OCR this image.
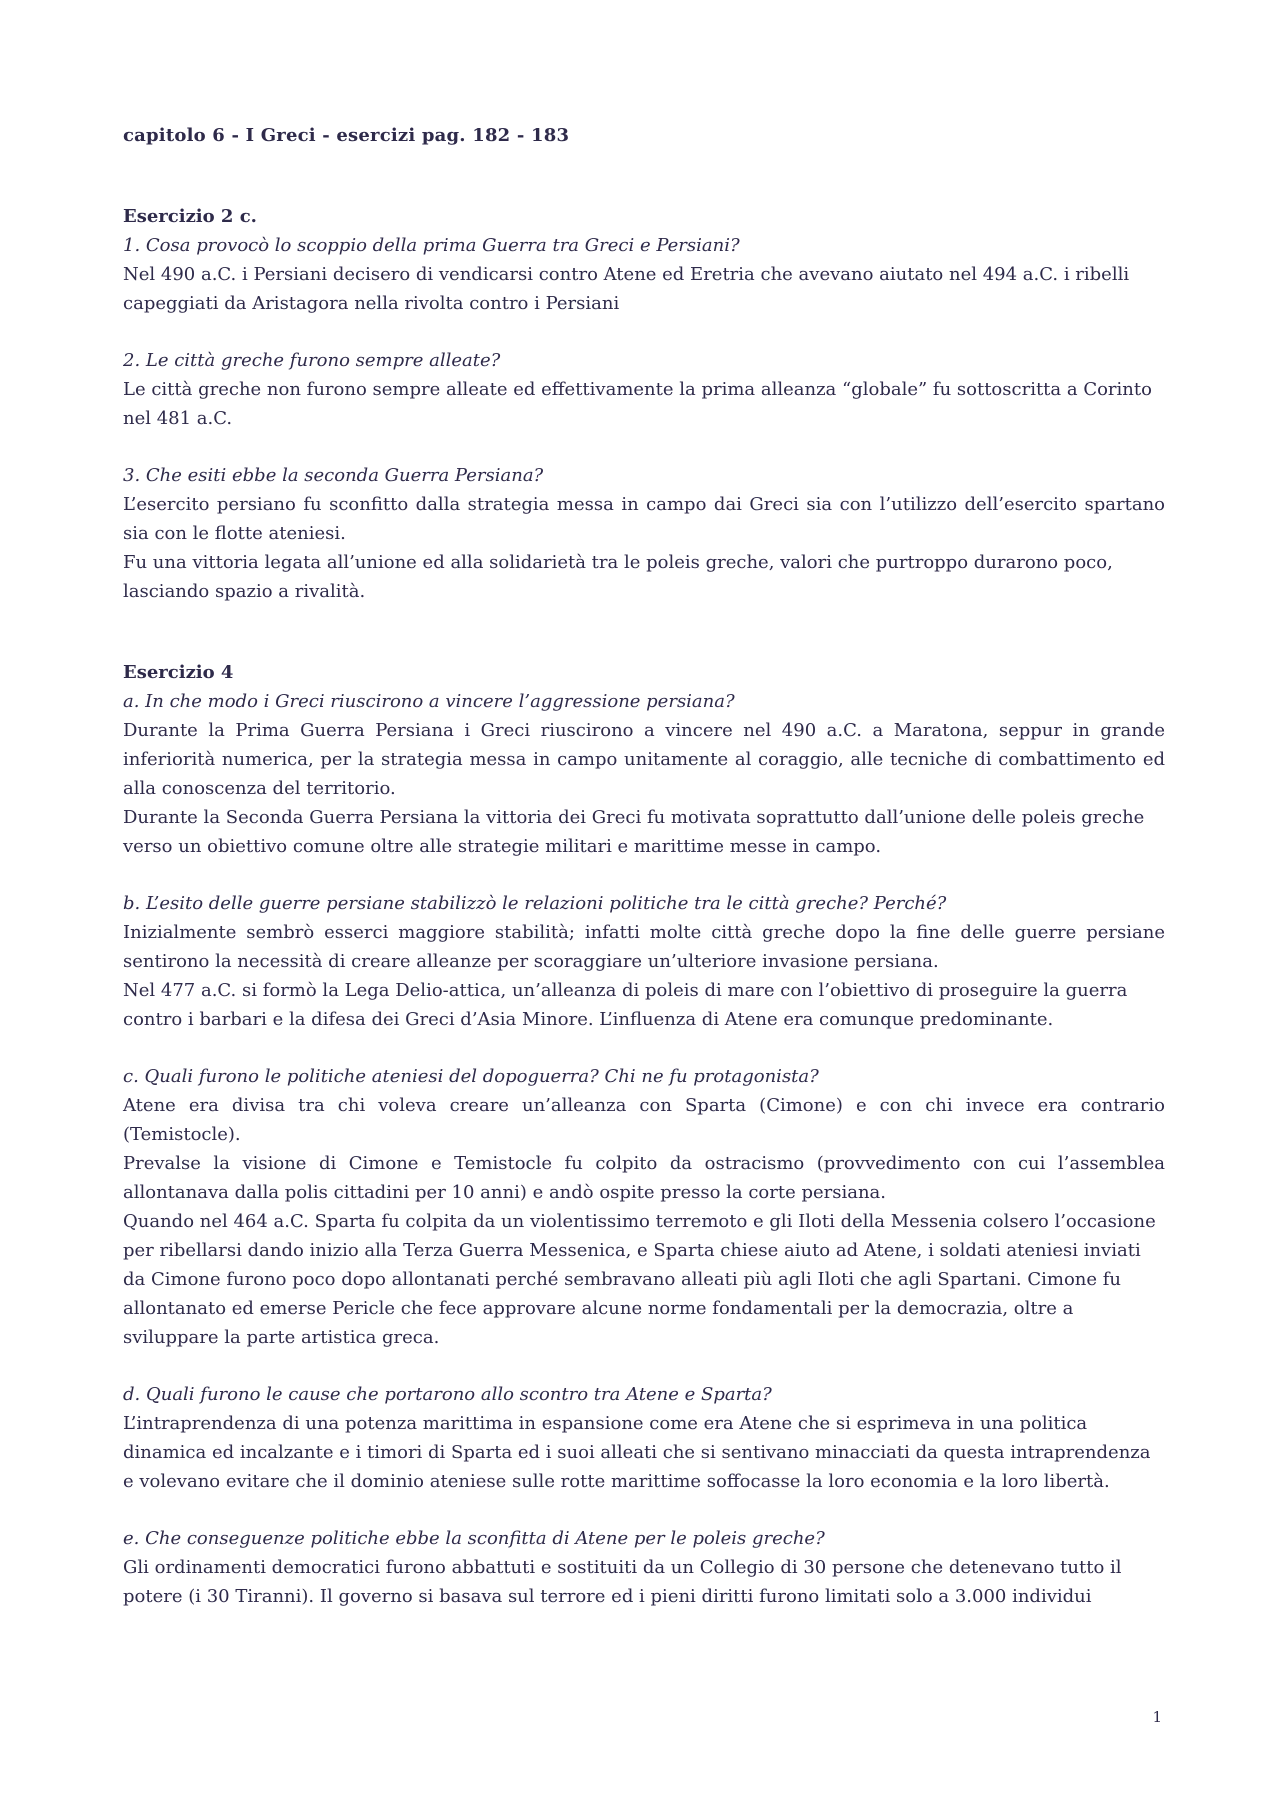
capitolo 6 - I Greci - esercizi pag. 182 - 183

Esercizio 2 c.

1. Cosa provocò lo scoppio della prima Guerra tra Greci e Persiani?

Nel 490 a.C. i Persiani decisero di vendicarsi contro Atene ed Eretria che avevano aiutato nel 494 a.C. i ribelli capeggiati da Aristagora nella rivolta contro i Persiani

2. Le città greche furono sempre alleate?

Le città greche non furono sempre alleate ed effettivamente la prima alleanza “globale” fu sottoscritta a Corinto nel 481 a.C.

3. Che esiti ebbe la seconda Guerra Persiana?

L’esercito persiano fu sconfitto dalla strategia messa in campo dai Greci sia con l’utilizzo dell’esercito spartano sia con le flotte ateniesi.

Fu una vittoria legata all’unione ed alla solidarietà tra le poleis greche, valori che purtroppo durarono poco, lasciando spazio a rivalità.

Esercizio 4

a. In che modo i Greci riuscirono a vincere l’aggressione persiana?

Durante la Prima Guerra Persiana i Greci riuscirono a vincere nel 490 a.C. a Maratona, seppur in grande inferiorità numerica, per la strategia messa in campo unitamente al coraggio, alle tecniche di combattimento ed alla conoscenza del territorio.

Durante la Seconda Guerra Persiana la vittoria dei Greci fu motivata soprattutto dall’unione delle poleis greche verso un obiettivo comune oltre alle strategie militari e marittime messe in campo.

b. L’esito delle guerre persiane stabilizzò le relazioni politiche tra le città greche? Perché?

Inizialmente sembrò esserci maggiore stabilità; infatti molte città greche dopo la fine delle guerre persiane sentirono la necessità di creare alleanze per scoraggiare un’ulteriore invasione persiana.

Nel 477 a.C. si formò la Lega Delio-attica, un’alleanza di poleis di mare con l’obiettivo di proseguire la guerra contro i barbari e la difesa dei Greci d’Asia Minore. L’influenza di Atene era comunque predominante.

c. Quali furono le politiche ateniesi del dopoguerra? Chi ne fu protagonista?

Atene era divisa tra chi voleva creare un’alleanza con Sparta (Cimone) e con chi invece era contrario (Temistocle).

Prevalse la visione di Cimone e Temistocle fu colpito da ostracismo (provvedimento con cui l’assemblea allontanava dalla polis cittadini per 10 anni) e andò ospite presso la corte persiana.

Quando nel 464 a.C. Sparta fu colpita da un violentissimo terremoto e gli Iloti della Messenia colsero l’occasione per ribellarsi dando inizio alla Terza Guerra Messenica, e Sparta chiese aiuto ad Atene, i soldati ateniesi inviati da Cimone furono poco dopo allontanati perché sembravano alleati più agli Iloti che agli Spartani. Cimone fu allontanato ed emerse Pericle che fece approvare alcune norme fondamentali per la democrazia, oltre a sviluppare la parte artistica greca.

d. Quali furono le cause che portarono allo scontro tra Atene e Sparta?

L’intraprendenza di una potenza marittima in espansione come era Atene che si esprimeva in una politica dinamica ed incalzante e i timori di Sparta ed i suoi alleati che si sentivano minacciati da questa intraprendenza e volevano evitare che il dominio ateniese sulle rotte marittime soffocasse la loro economia e la loro libertà.

e. Che conseguenze politiche ebbe la sconfitta di Atene per le poleis greche?

Gli ordinamenti democratici furono abbattuti e sostituiti da un Collegio di 30 persone che detenevano tutto il potere (i 30 Tiranni). Il governo si basava sul terrore ed i pieni diritti furono limitati solo a 3.000 individui

1
